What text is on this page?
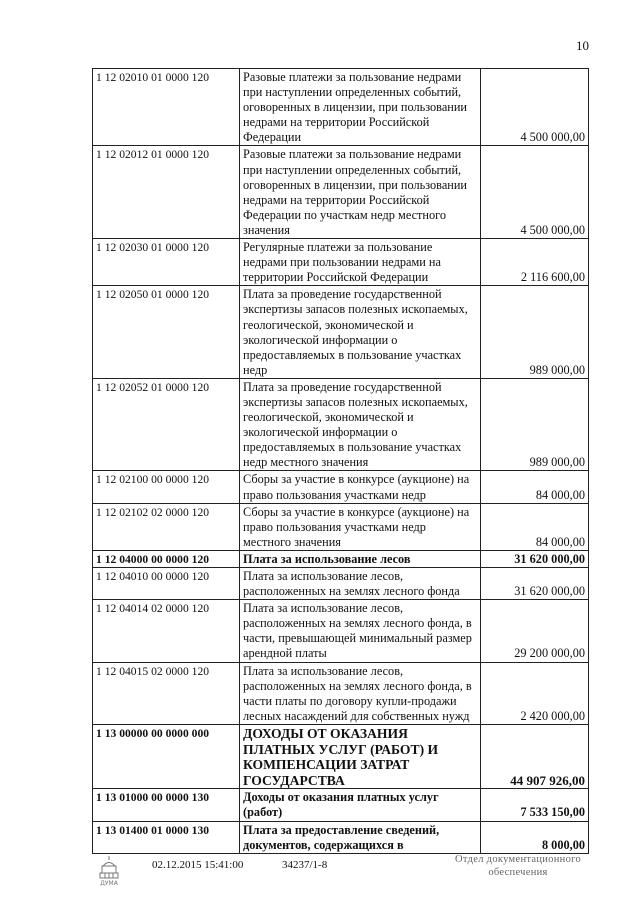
10
1 12 02010 01 0000 120	Разовые платежи за пользование недрами при наступлении определенных событий, оговоренных в лицензии, при пользовании недрами на территории Российской Федерации	4 500 000,00
1 12 02012 01 0000 120	Разовые платежи за пользование недрами при наступлении определенных событий, оговоренных в лицензии, при пользовании недрами на территории Российской Федерации по участкам недр местного значения	4 500 000,00
1 12 02030 01 0000 120	Регулярные платежи за пользование недрами при пользовании недрами на территории Российской Федерации	2 116 600,00
1 12 02050 01 0000 120	Плата за проведение государственной экспертизы запасов полезных ископаемых, геологической, экономической и экологической информации о предоставляемых в пользование участках недр	989 000,00
1 12 02052 01 0000 120	Плата за проведение государственной экспертизы запасов полезных ископаемых, геологической, экономической и экологической информации о предоставляемых в пользование участках недр местного значения	989 000,00
1 12 02100 00 0000 120	Сборы за участие в конкурсе (аукционе) на право пользования участками недр	84 000,00
1 12 02102 02 0000 120	Сборы за участие в конкурсе (аукционе) на право пользования участками недр местного значения	84 000,00
1 12 04000 00 0000 120	Плата за использование лесов	31 620 000,00
1 12 04010 00 0000 120	Плата за использование лесов, расположенных на землях лесного фонда	31 620 000,00
1 12 04014 02 0000 120	Плата за использование лесов, расположенных на землях лесного фонда, в части, превышающей минимальный размер арендной платы	29 200 000,00
1 12 04015 02 0000 120	Плата за использование лесов, расположенных на землях лесного фонда, в части платы по договору купли-продажи лесных насаждений для собственных нужд	2 420 000,00
1 13 00000 00 0000 000	ДОХОДЫ ОТ ОКАЗАНИЯ ПЛАТНЫХ УСЛУГ (РАБОТ) И КОМПЕНСАЦИИ ЗАТРАТ ГОСУДАРСТВА	44 907 926,00
1 13 01000 00 0000 130	Доходы от оказания платных услуг (работ)	7 533 150,00
1 13 01400 01 0000 130	Плата за предоставление сведений, документов, содержащихся в	8 000,00
ДУМА
02.12.2015 15:41:00	34237/1-8	Отдел документационного
обеспечения
